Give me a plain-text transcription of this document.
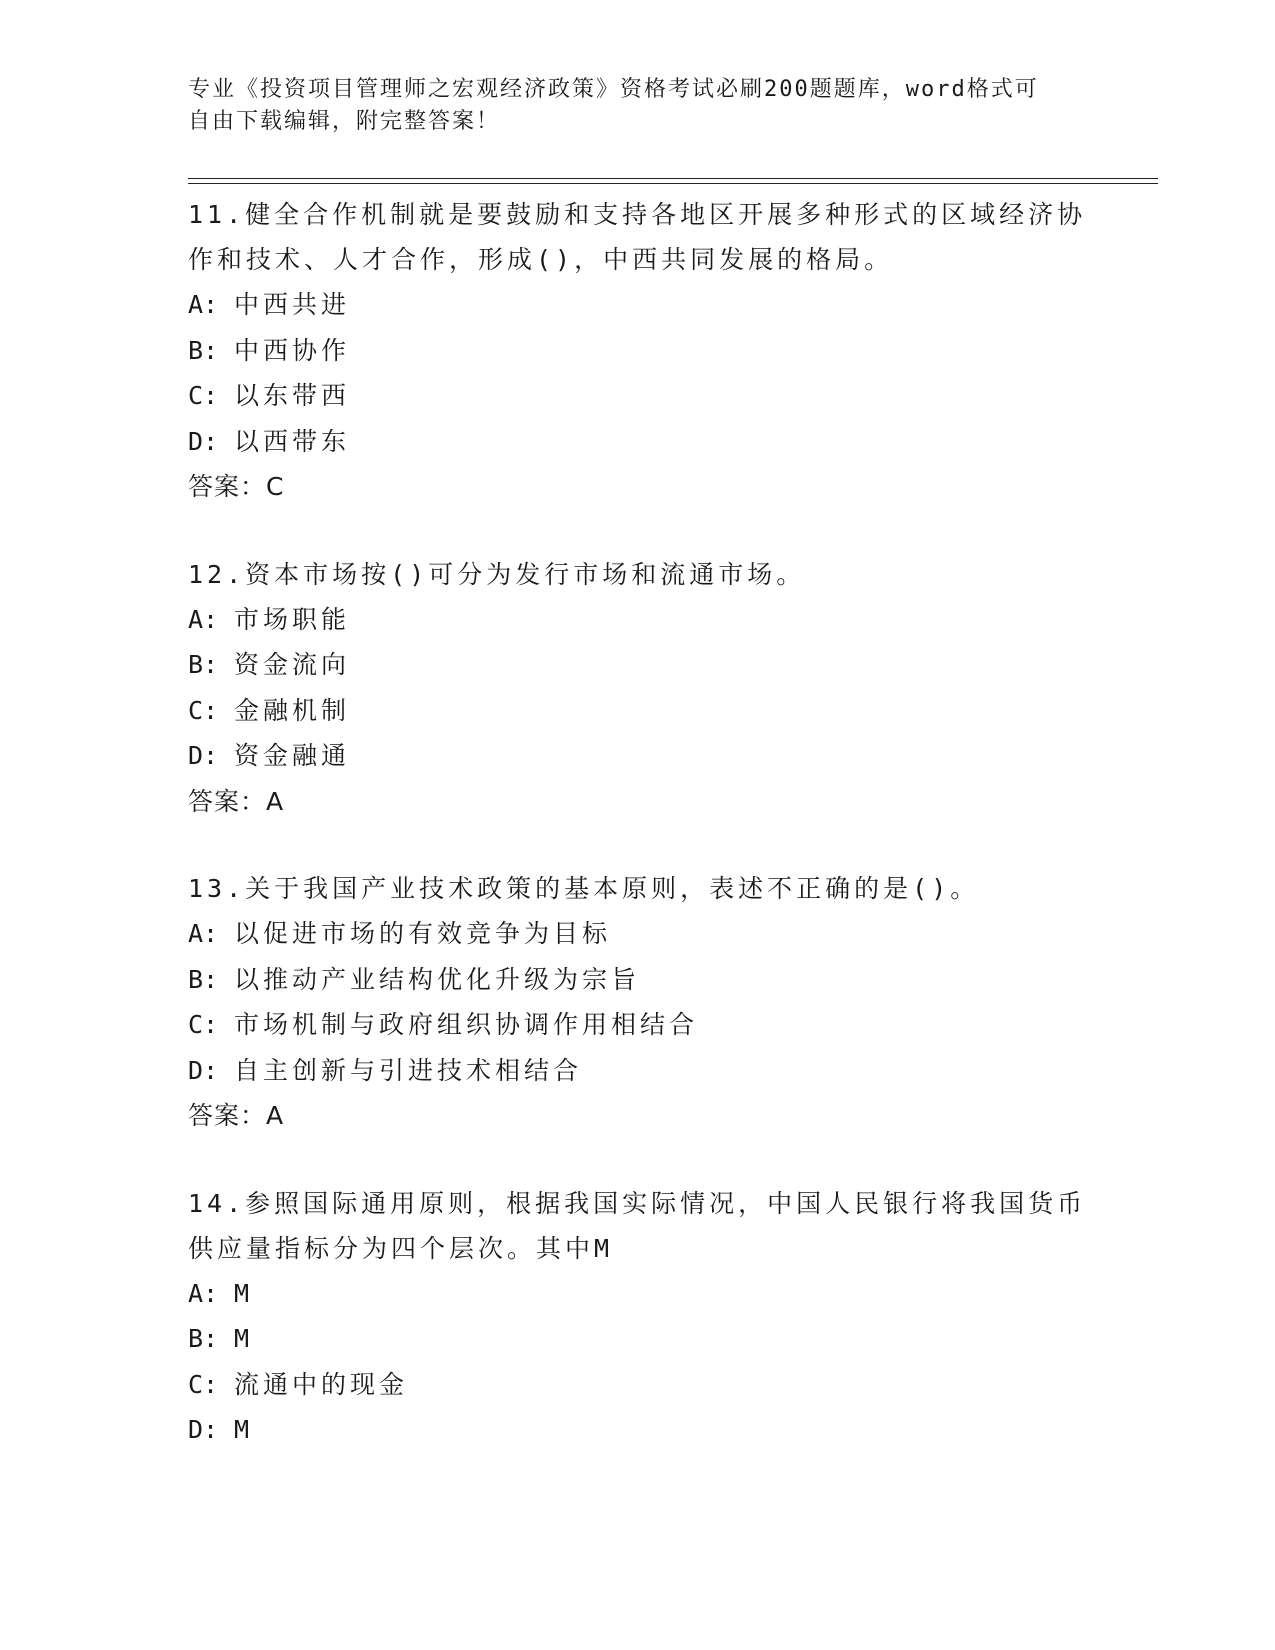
专业《投资项目管理师之宏观经济政策》资格考试必刷200题题库，word格式可
自由下载编辑，附完整答案！
11.健全合作机制就是要鼓励和支持各地区开展多种形式的区域经济协
作和技术、人才合作，形成()，中西共同发展的格局。
A: 中西共进
B: 中西协作
C: 以东带西
D: 以西带东
答案：C
12.资本市场按()可分为发行市场和流通市场。
A: 市场职能
B: 资金流向
C: 金融机制
D: 资金融通
答案：A
13.关于我国产业技术政策的基本原则，表述不正确的是()。
A: 以促进市场的有效竞争为目标
B: 以推动产业结构优化升级为宗旨
C: 市场机制与政府组织协调作用相结合
D: 自主创新与引进技术相结合
答案：A
14.参照国际通用原则，根据我国实际情况，中国人民银行将我国货币
供应量指标分为四个层次。其中M
A: M
B: M
C: 流通中的现金
D: M
